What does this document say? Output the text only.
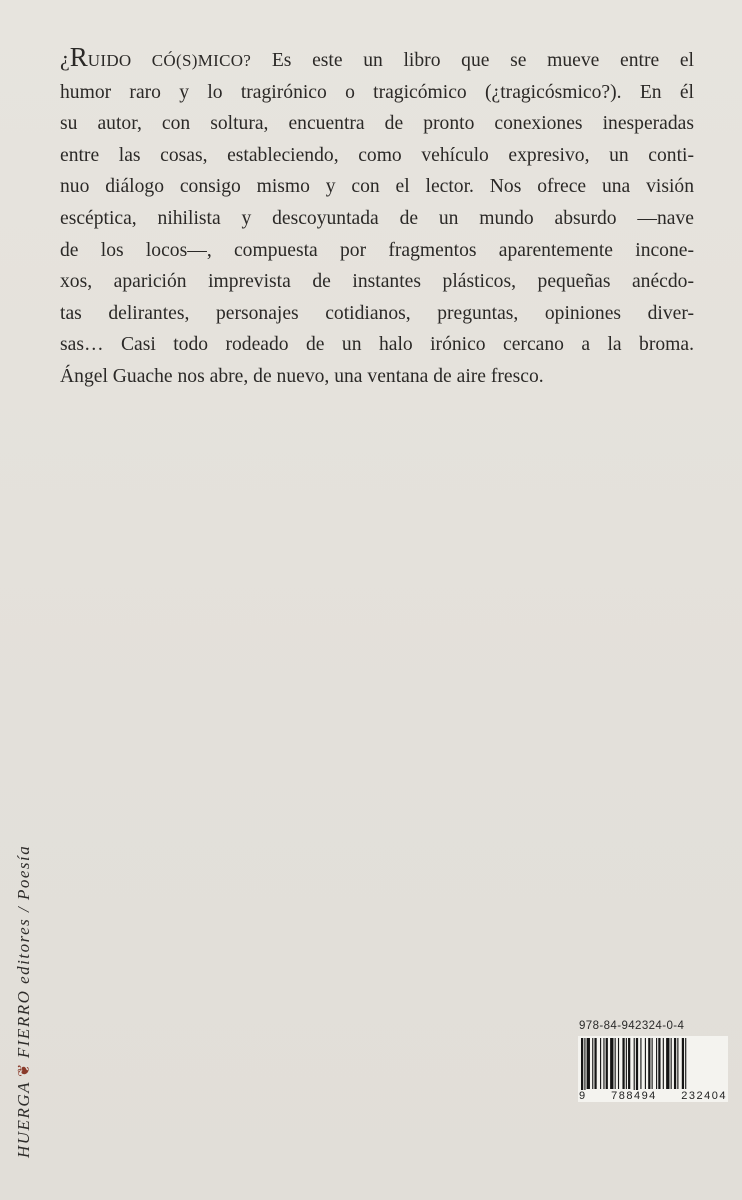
¿RUIDO CÓ(S)MICO? Es este un libro que se mueve entre el
humor raro y lo tragirónico o tragicómico (¿tragicósmico?). En él
su autor, con soltura, encuentra de pronto conexiones inesperadas
entre las cosas, estableciendo, como vehículo expresivo, un conti-
nuo diálogo consigo mismo y con el lector. Nos ofrece una visión
escéptica, nihilista y descoyuntada de un mundo absurdo —nave
de los locos—, compuesta por fragmentos aparentemente incone-
xos, aparición imprevista de instantes plásticos, pequeñas anécdo-
tas delirantes, personajes cotidianos, preguntas, opiniones diver-
sas… Casi todo rodeado de un halo irónico cercano a la broma.
Ángel Guache nos abre, de nuevo, una ventana de aire fresco.

HUERGA❦FIERRO editores / Poesía	978-84-942324-0-4
9 788494 232404
